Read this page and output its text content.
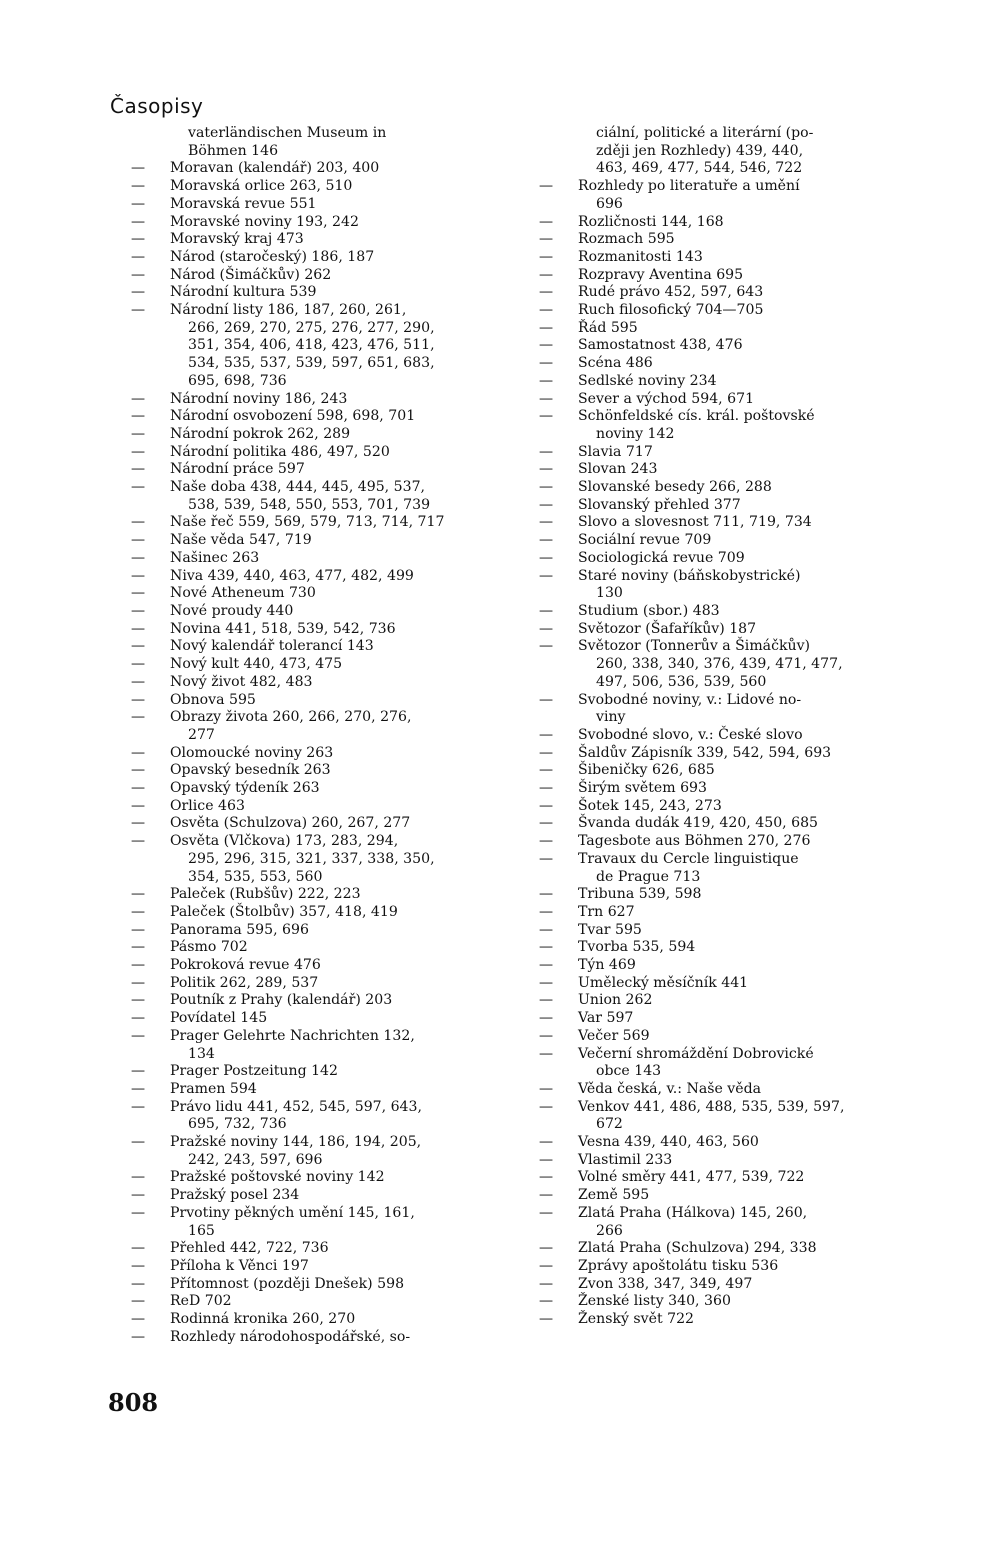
Časopisy
vaterländischen Museum in
Böhmen 146
—	Moravan (kalendář) 203, 400
—	Moravská orlice 263, 510
—	Moravská revue 551
—	Moravské noviny 193, 242
—	Moravský kraj 473
—	Národ (staročeský) 186, 187
—	Národ (Šimáčkův) 262
—	Národní kultura 539
—	Národní listy 186, 187, 260, 261,
266, 269, 270, 275, 276, 277, 290,
351, 354, 406, 418, 423, 476, 511,
534, 535, 537, 539, 597, 651, 683,
695, 698, 736
—	Národní noviny 186, 243
—	Národní osvobození 598, 698, 701
—	Národní pokrok 262, 289
—	Národní politika 486, 497, 520
—	Národní práce 597
—	Naše doba 438, 444, 445, 495, 537,
538, 539, 548, 550, 553, 701, 739
—	Naše řeč 559, 569, 579, 713, 714, 717
—	Naše věda 547, 719
—	Našinec 263
—	Niva 439, 440, 463, 477, 482, 499
—	Nové Atheneum 730
—	Nové proudy 440
—	Novina 441, 518, 539, 542, 736
—	Nový kalendář tolerancí 143
—	Nový kult 440, 473, 475
—	Nový život 482, 483
—	Obnova 595
—	Obrazy života 260, 266, 270, 276,
277
—	Olomoucké noviny 263
—	Opavský besedník 263
—	Opavský týdeník 263
—	Orlice 463
—	Osvěta (Schulzova) 260, 267, 277
—	Osvěta (Vlčkova) 173, 283, 294,
295, 296, 315, 321, 337, 338, 350,
354, 535, 553, 560
—	Paleček (Rubšův) 222, 223
—	Paleček (Štolbův) 357, 418, 419
—	Panorama 595, 696
—	Pásmo 702
—	Pokroková revue 476
—	Politik 262, 289, 537
—	Poutník z Prahy (kalendář) 203
—	Povídatel 145
—	Prager Gelehrte Nachrichten 132,
134
—	Prager Postzeitung 142
—	Pramen 594
—	Právo lidu 441, 452, 545, 597, 643,
695, 732, 736
—	Pražské noviny 144, 186, 194, 205,
242, 243, 597, 696
—	Pražské poštovské noviny 142
—	Pražský posel 234
—	Prvotiny pěkných umění 145, 161,
165
—	Přehled 442, 722, 736
—	Příloha k Věnci 197
—	Přítomnost (později Dnešek) 598
—	ReD 702
—	Rodinná kronika 260, 270
—	Rozhledy národohospodářské, so-
ciální, politické a literární (po-
zději jen Rozhledy) 439, 440,
463, 469, 477, 544, 546, 722
—	Rozhledy po literatuře a umění
696
—	Rozličnosti 144, 168
—	Rozmach 595
—	Rozmanitosti 143
—	Rozpravy Aventina 695
—	Rudé právo 452, 597, 643
—	Ruch filosofický 704—705
—	Řád 595
—	Samostatnost 438, 476
—	Scéna 486
—	Sedlské noviny 234
—	Sever a východ 594, 671
—	Schönfeldské cís. král. poštovské
noviny 142
—	Slavia 717
—	Slovan 243
—	Slovanské besedy 266, 288
—	Slovanský přehled 377
—	Slovo a slovesnost 711, 719, 734
—	Sociální revue 709
—	Sociologická revue 709
—	Staré noviny (báňskobystrické)
130
—	Studium (sbor.) 483
—	Světozor (Šafaříkův) 187
—	Světozor (Tonnerův a Šimáčkův)
260, 338, 340, 376, 439, 471, 477,
497, 506, 536, 539, 560
—	Svobodné noviny, v.: Lidové no-
viny
—	Svobodné slovo, v.: České slovo
—	Šaldův Zápisník 339, 542, 594, 693
—	Šibeničky 626, 685
—	Širým světem 693
—	Šotek 145, 243, 273
—	Švanda dudák 419, 420, 450, 685
—	Tagesbote aus Böhmen 270, 276
—	Travaux du Cercle linguistique
de Prague 713
—	Tribuna 539, 598
—	Trn 627
—	Tvar 595
—	Tvorba 535, 594
—	Týn 469
—	Umělecký měsíčník 441
—	Union 262
—	Var 597
—	Večer 569
—	Večerní shromáždění Dobrovické
obce 143
—	Věda česká, v.: Naše věda
—	Venkov 441, 486, 488, 535, 539, 597,
672
—	Vesna 439, 440, 463, 560
—	Vlastimil 233
—	Volné směry 441, 477, 539, 722
—	Země 595
—	Zlatá Praha (Hálkova) 145, 260,
266
—	Zlatá Praha (Schulzova) 294, 338
—	Zprávy apoštolátu tisku 536
—	Zvon 338, 347, 349, 497
—	Ženské listy 340, 360
—	Ženský svět 722
808
